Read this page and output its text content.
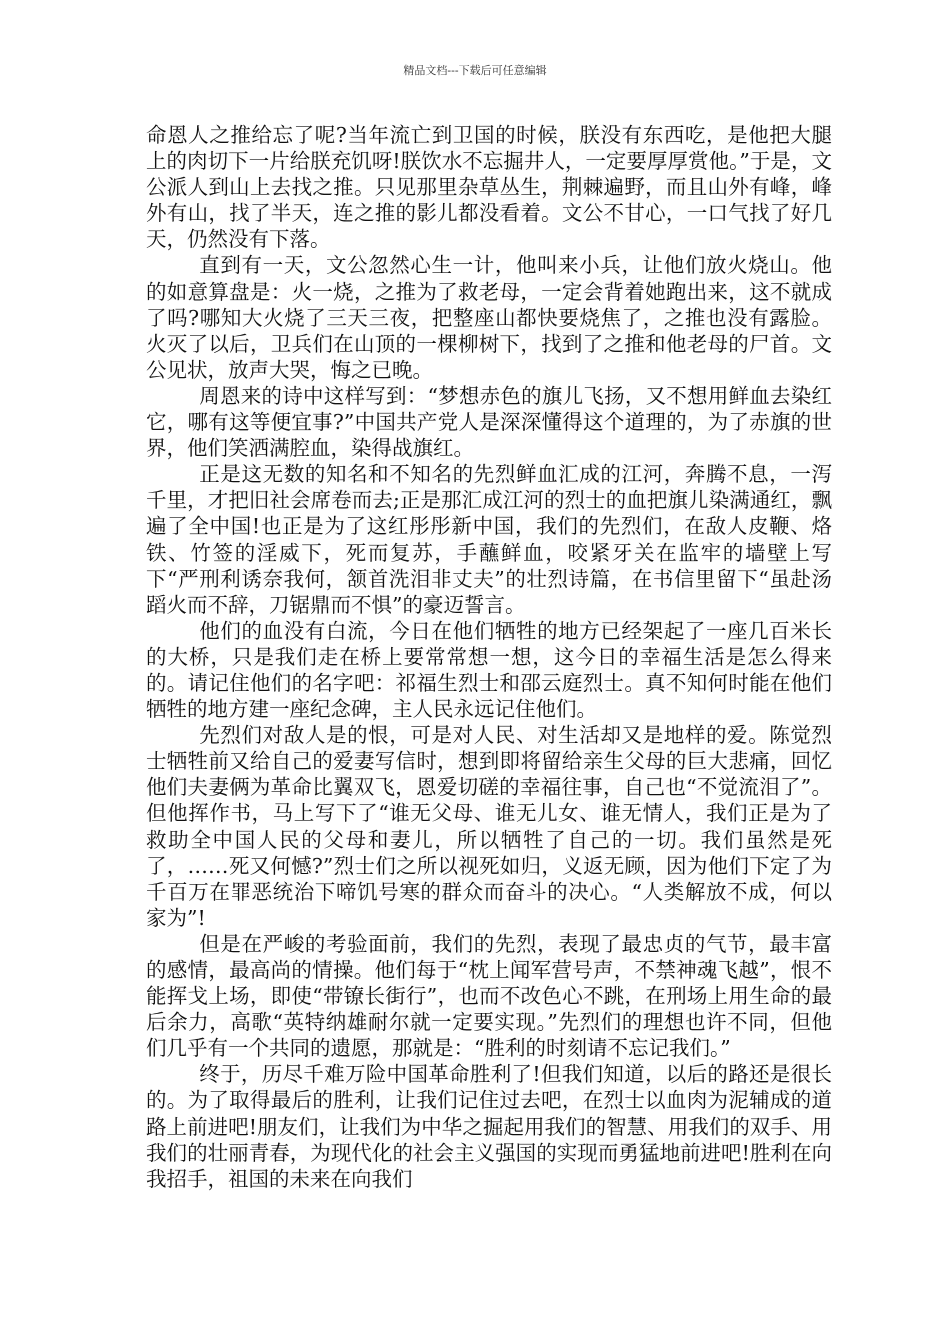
精品文档---下载后可任意编辑

命恩人之推给忘了呢?当年流亡到卫国的时候，朕没有东西吃，是他把大腿上的肉切下一片给朕充饥呀!朕饮水不忘掘井人，一定要厚厚赏他。”于是，文公派人到山上去找之推。只见那里杂草丛生，荆棘遍野，而且山外有峰，峰外有山，找了半天，连之推的影儿都没看着。文公不甘心，一口气找了好几天，仍然没有下落。

直到有一天，文公忽然心生一计，他叫来小兵，让他们放火烧山。他的如意算盘是：火一烧，之推为了救老母，一定会背着她跑出来，这不就成了吗?哪知大火烧了三天三夜，把整座山都快要烧焦了，之推也没有露脸。火灭了以后，卫兵们在山顶的一棵柳树下，找到了之推和他老母的尸首。文公见状，放声大哭，悔之已晚。

周恩来的诗中这样写到：“梦想赤色的旗儿飞扬，又不想用鲜血去染红它，哪有这等便宜事?”中国共产党人是深深懂得这个道理的，为了赤旗的世界，他们笑洒满腔血，染得战旗红。

正是这无数的知名和不知名的先烈鲜血汇成的江河，奔腾不息，一泻千里，才把旧社会席卷而去;正是那汇成江河的烈士的血把旗儿染满通红，飘遍了全中国!也正是为了这红彤彤新中国，我们的先烈们，在敌人皮鞭、烙铁、竹签的淫威下，死而复苏，手蘸鲜血，咬紧牙关在监牢的墙壁上写下“严刑利诱奈我何，颔首洗泪非丈夫”的壮烈诗篇，在书信里留下“虽赴汤蹈火而不辞，刀锯鼎而不惧”的豪迈誓言。

他们的血没有白流，今日在他们牺牲的地方已经架起了一座几百米长的大桥，只是我们走在桥上要常常想一想，这今日的幸福生活是怎么得来的。请记住他们的名字吧：祁福生烈士和邵云庭烈士。真不知何时能在他们牺牲的地方建一座纪念碑，主人民永远记住他们。

先烈们对敌人是的恨，可是对人民、对生活却又是地样的爱。陈觉烈士牺牲前又给自己的爱妻写信时，想到即将留给亲生父母的巨大悲痛，回忆他们夫妻俩为革命比翼双飞，恩爱切磋的幸福往事，自己也“不觉流泪了”。但他挥作书，马上写下了“谁无父母、谁无儿女、谁无情人，我们正是为了救助全中国人民的父母和妻儿，所以牺牲了自己的一切。我们虽然是死了，……死又何憾?”烈士们之所以视死如归，义返无顾，因为他们下定了为千百万在罪恶统治下啼饥号寒的群众而奋斗的决心。“人类解放不成，何以家为”!

但是在严峻的考验面前，我们的先烈，表现了最忠贞的气节，最丰富的感情，最高尚的情操。他们每于“枕上闻军营号声，不禁神魂飞越”，恨不能挥戈上场，即使“带镣长街行”，也而不改色心不跳，在刑场上用生命的最后余力，高歌“英特纳雄耐尔就一定要实现。”先烈们的理想也许不同，但他们几乎有一个共同的遗愿，那就是：“胜利的时刻请不忘记我们。”

终于，历尽千难万险中国革命胜利了!但我们知道，以后的路还是很长的。为了取得最后的胜利，让我们记住过去吧，在烈士以血肉为泥辅成的道路上前进吧!朋友们，让我们为中华之掘起用我们的智慧、用我们的双手、用我们的壮丽青春，为现代化的社会主义强国的实现而勇猛地前进吧!胜利在向我招手，祖国的未来在向我们
